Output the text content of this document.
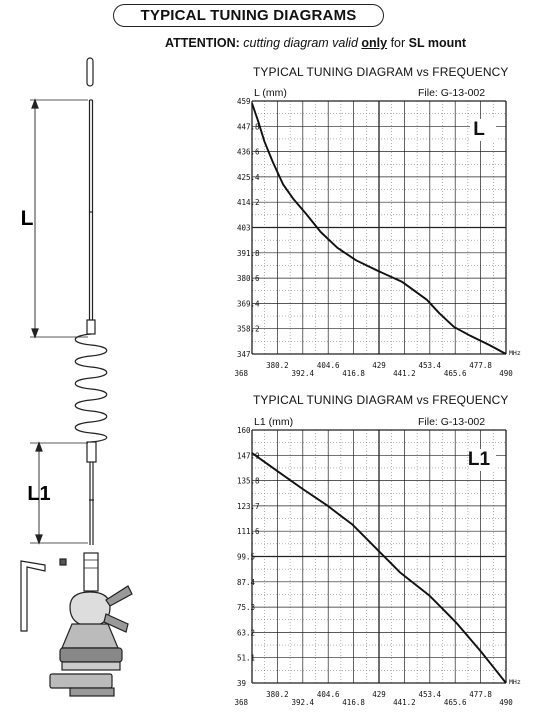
TYPICAL TUNING DIAGRAMS
ATTENTION: cutting diagram valid only for SL mount
L
L1
TYPICAL TUNING DIAGRAM vs FREQUENCY
L (mm)	File: G-13-002
459
447.8
436.6
425.4
414.2
403
391.8
380.6
369.4
358.2
347
368
380.2
392.4
404.6
416.8
429
441.2
453.4
465.6
477.8
490
MHz
L
TYPICAL TUNING DIAGRAM vs FREQUENCY
L1 (mm)	File: G-13-002
160
147.9
135.8
123.7
111.6
99.5
87.4
75.3
63.2
51.1
39
368
380.2
392.4
404.6
416.8
429
441.2
453.4
465.6
477.8
490
MHz
L1
